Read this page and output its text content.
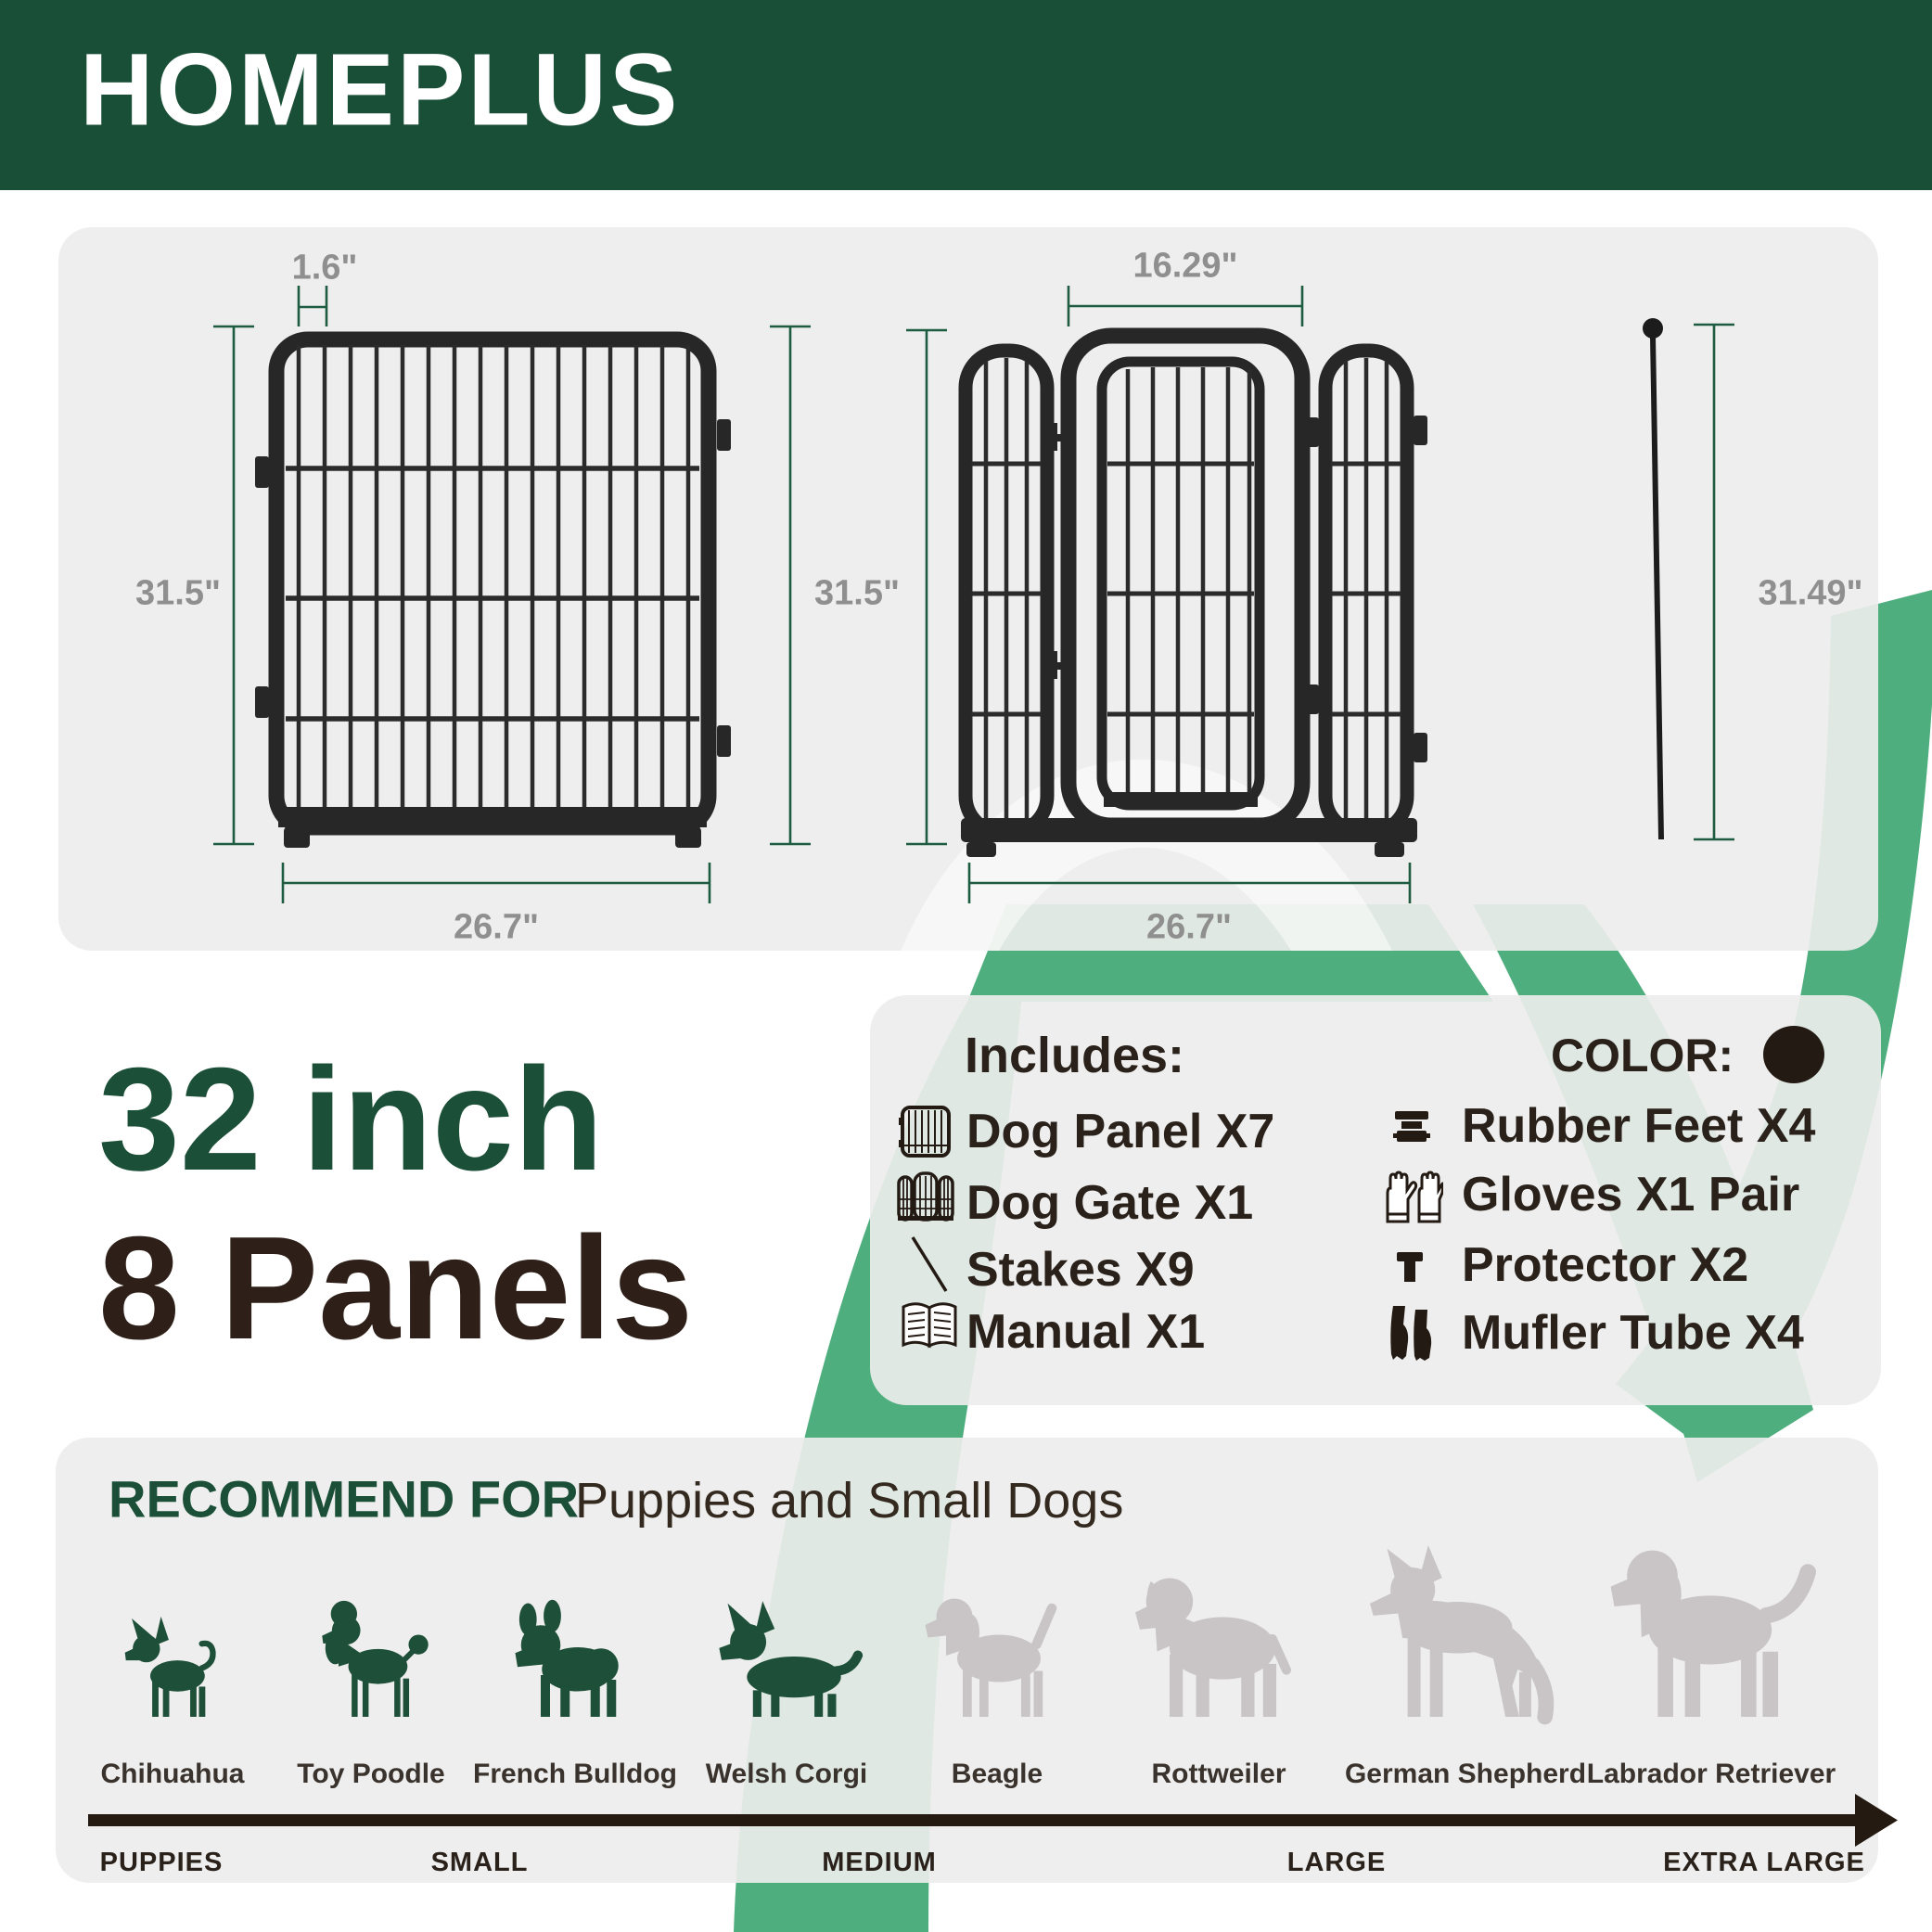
HOMEPLUS
1.6"
31.5"	31.5"
26.7"
16.29"
26.7"
31.49"
32 inch
8 Panels
Includes:
Dog Panel X7
Dog Gate X1
Stakes X9
Manual X1
Rubber Feet X4
Gloves X1 Pair
Protector X2
Mufler Tube X4
COLOR:
RECOMMEND FOR
Puppies and Small Dogs
Chihuahua Toy Poodle French Bulldog Welsh Corgi	Beagle	Rottweiler German Shepherd Labrador Retriever
PUPPIES	SMALL	MEDIUM	LARGE	EXTRA LARGE
